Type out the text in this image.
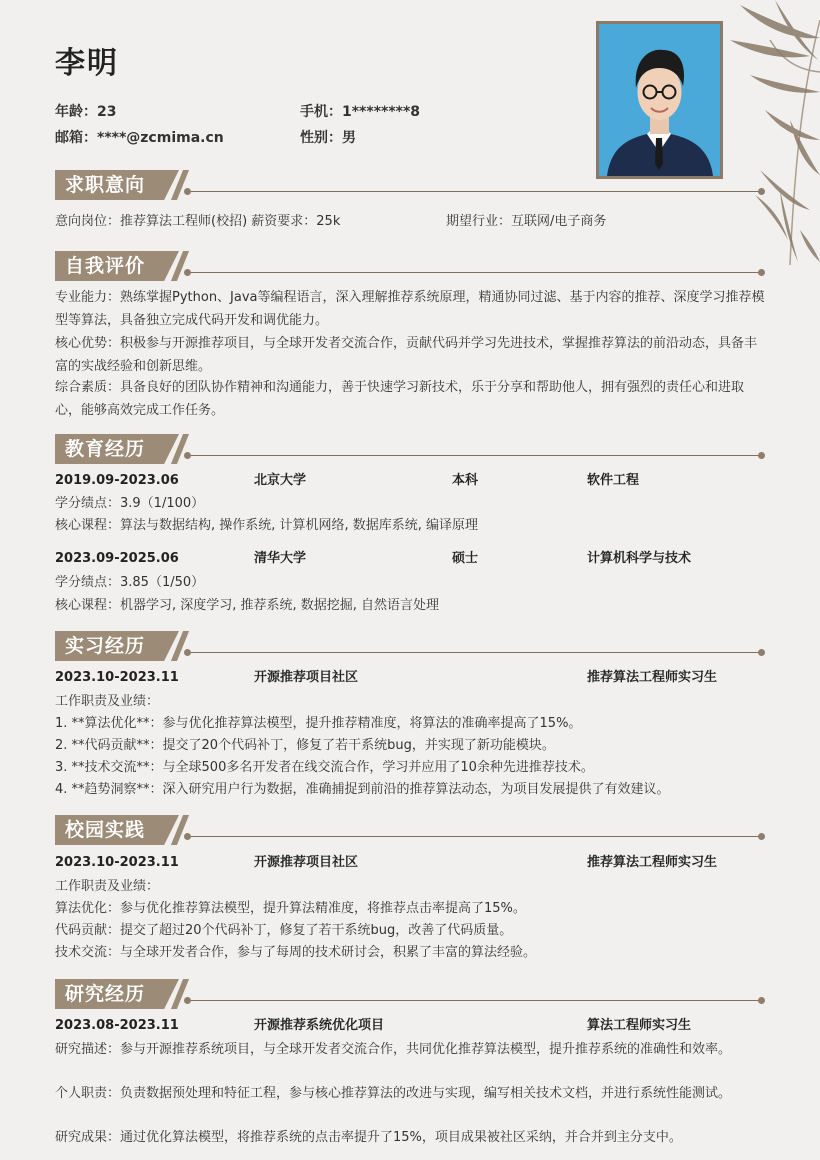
李明
年龄：23	手机：1********8
邮箱：****@zcmima.cn	性别：男
求职意向
意向岗位：推荐算法工程师(校招) 薪资要求：25k	期望行业：互联网/电子商务
自我评价
专业能力：熟练掌握Python、Java等编程语言，深入理解推荐系统原理，精通协同过滤、基于内容的推荐、深度学习推荐模型等算法，具备独立完成代码开发和调优能力。
核心优势：积极参与开源推荐项目，与全球开发者交流合作，贡献代码并学习先进技术，掌握推荐算法的前沿动态，具备丰富的实战经验和创新思维。
综合素质：具备良好的团队协作精神和沟通能力，善于快速学习新技术，乐于分享和帮助他人，拥有强烈的责任心和进取心，能够高效完成工作任务。
教育经历
2019.09-2023.06	北京大学	本科	软件工程
学分绩点：3.9（1/100）
核心课程：算法与数据结构, 操作系统, 计算机网络, 数据库系统, 编译原理
2023.09-2025.06	清华大学	硕士	计算机科学与技术
学分绩点：3.85（1/50）
核心课程：机器学习, 深度学习, 推荐系统, 数据挖掘, 自然语言处理
实习经历
2023.10-2023.11	开源推荐项目社区	推荐算法工程师实习生
工作职责及业绩：
1. **算法优化**：参与优化推荐算法模型，提升推荐精准度，将算法的准确率提高了15%。
2. **代码贡献**：提交了20个代码补丁，修复了若干系统bug，并实现了新功能模块。
3. **技术交流**：与全球500多名开发者在线交流合作，学习并应用了10余种先进推荐技术。
4. **趋势洞察**：深入研究用户行为数据，准确捕捉到前沿的推荐算法动态，为项目发展提供了有效建议。
校园实践
2023.10-2023.11	开源推荐项目社区	推荐算法工程师实习生
工作职责及业绩：
算法优化：参与优化推荐算法模型，提升算法精准度，将推荐点击率提高了15%。
代码贡献：提交了超过20个代码补丁，修复了若干系统bug，改善了代码质量。
技术交流：与全球开发者合作，参与了每周的技术研讨会，积累了丰富的算法经验。
研究经历
2023.08-2023.11	开源推荐系统优化项目	算法工程师实习生
研究描述：参与开源推荐系统项目，与全球开发者交流合作，共同优化推荐算法模型，提升推荐系统的准确性和效率。
个人职责：负责数据预处理和特征工程，参与核心推荐算法的改进与实现，编写相关技术文档，并进行系统性能测试。
研究成果：通过优化算法模型，将推荐系统的点击率提升了15%，项目成果被社区采纳，并合并到主分支中。
